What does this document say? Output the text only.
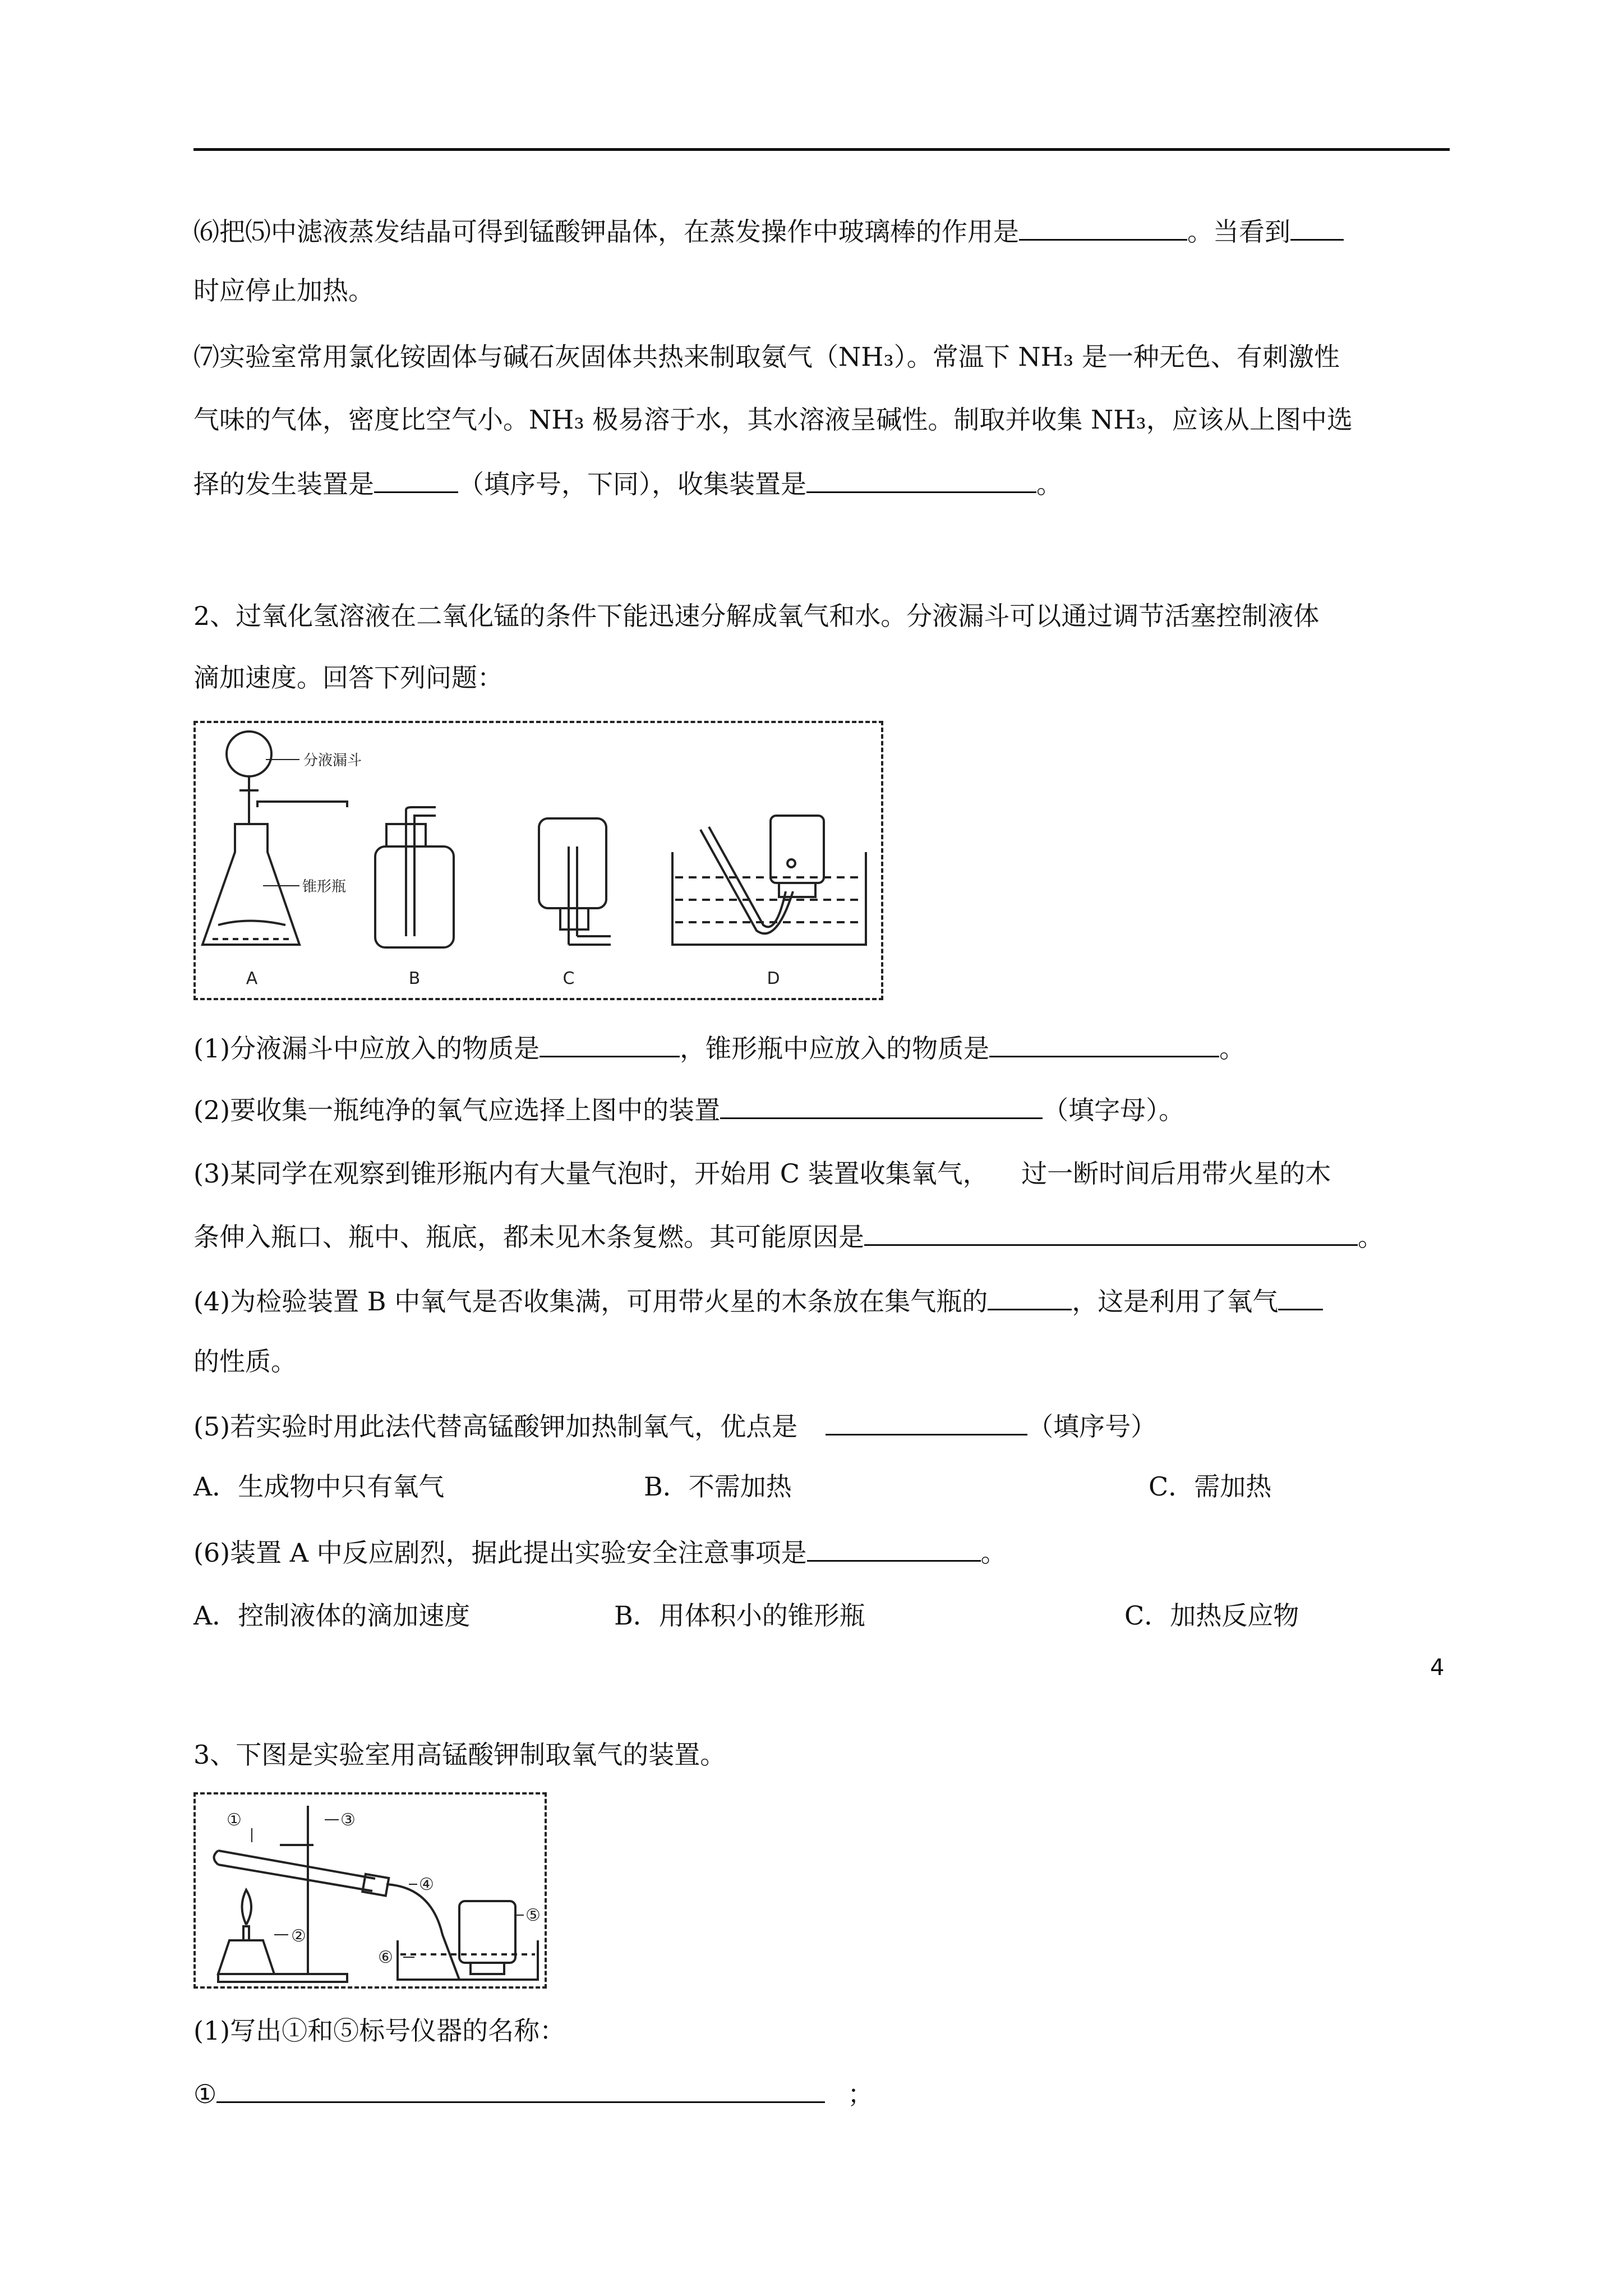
⑹把⑸中滤液蒸发结晶可得到锰酸钾晶体，在蒸发操作中玻璃棒的作用是	。当看到
时应停止加热。
⑺实验室常用氯化铵固体与碱石灰固体共热来制取氨气（NH₃）。常温下 NH₃ 是一种无色、有刺激性
气味的气体，密度比空气小。NH₃ 极易溶于水，其水溶液呈碱性。制取并收集 NH₃，应该从上图中选
择的发生装置是	（填序号，下同），收集装置是	。
2、过氧化氢溶液在二氧化锰的条件下能迅速分解成氧气和水。分液漏斗可以通过调节活塞控制液体
滴加速度。回答下列问题：
分液漏斗
锥形瓶
A	B	C	D
(1)分液漏斗中应放入的物质是	，锥形瓶中应放入的物质是	。
(2)要收集一瓶纯净的氧气应选择上图中的装置	（填字母）。
(3)某同学在观察到锥形瓶内有大量气泡时，开始用 C 装置收集氧气，    过一断时间后用带火星的木
条伸入瓶口、瓶中、瓶底，都未见木条复燃。其可能原因是	。
(4)为检验装置 B 中氧气是否收集满，可用带火星的木条放在集气瓶的	，这是利用了氧气
的性质。
(5)若实验时用此法代替高锰酸钾加热制氧气，优点是	（填序号）
A．生成物中只有氧气	B．不需加热	C．需加热
(6)装置 A 中反应剧烈，据此提出实验安全注意事项是	。
A．控制液体的滴加速度	B．用体积小的锥形瓶	C．加热反应物
3、下图是实验室用高锰酸钾制取氧气的装置。
①
②
③
④
⑤
⑥
(1)写出①和⑤标号仪器的名称：
①	；
4
